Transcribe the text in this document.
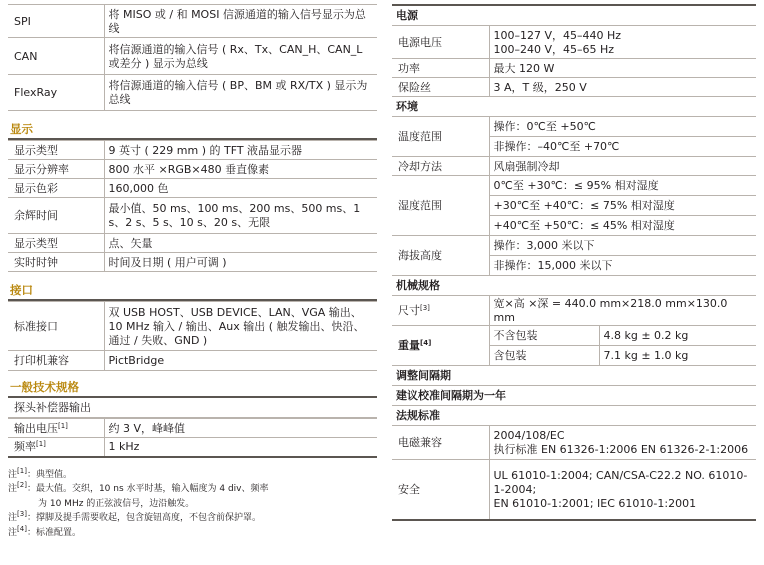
SPI	将 MISO 或 / 和 MOSI 信源通道的输入信号显示为总线
CAN	将信源通道的输入信号 ( Rx、Tx、CAN_H、CAN_L 或差分 ) 显示为总线
FlexRay	将信源通道的输入信号 ( BP、BM 或 RX/TX ) 显示为总线
显示
显示类型	9 英寸 ( 229 mm ) 的 TFT 液晶显示器
显示分辨率	800 水平 ×RGB×480 垂直像素
显示色彩	160,000 色
余辉时间	最小值、50 ms、100 ms、200 ms、500 ms、1 s、2 s、5 s、10 s、20 s、无限
显示类型	点、矢量
实时时钟	时间及日期 ( 用户可调 )
接口
标准接口	双 USB HOST、USB DEVICE、LAN、VGA 输出、10 MHz 输入 / 输出、Aux 输出 ( 触发输出、快沿、通过 / 失败、GND )
打印机兼容	PictBridge
一般技术规格
探头补偿器输出
输出电压[1]	约 3 V，峰峰值
频率[1]	1 kHz
注[1]：典型值。
注[2]：最大值。交织，10 ns 水平时基，输入幅度为 4 div、频率
为 10 MHz 的正弦波信号，边沿触发。
注[3]：撑脚及提手需要收起，包含旋钮高度，不包含前保护罩。
注[4]：标准配置。
电源
电源电压	100–127 V，45–440 Hz
100–240 V，45–65 Hz
功率	最大 120 W
保险丝	3 A，T 级，250 V
环境
温度范围	操作：0℃至 +50℃
	非操作：–40℃至 +70℃
冷却方法	风扇强制冷却
湿度范围	0℃至 +30℃：≤ 95% 相对湿度
	+30℃至 +40℃：≤ 75% 相对湿度
	+40℃至 +50℃：≤ 45% 相对湿度
海拔高度	操作：3,000 米以下
	非操作：15,000 米以下
机械规格
尺寸[3]	宽×高 ×深 = 440.0 mm×218.0 mm×130.0 mm	
重量[4]	不含包装	4.8 kg ± 0.2 kg
	含包装	7.1 kg ± 1.0 kg
调整间隔期
建议校准间隔期为一年
法规标准
电磁兼容	2004/108/EC
执行标准 EN 61326-1:2006 EN 61326-2-1:2006
安全	UL 61010-1:2004; CAN/CSA-C22.2 NO. 61010-1-2004;
EN 61010-1:2001; IEC 61010-1:2001
